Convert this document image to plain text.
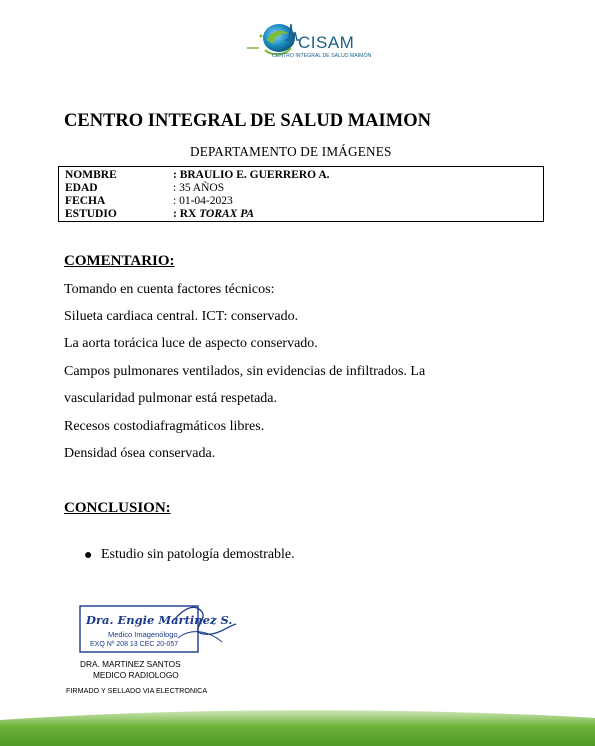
CISAM
CENTRO INTEGRAL DE SALUD MAIMÓN
CENTRO INTEGRAL DE SALUD MAIMON
DEPARTAMENTO DE IMÁGENES
NOMBRE	: BRAULIO E. GUERRERO A.
EDAD	: 35 AÑOS
FECHA	: 01-04-2023
ESTUDIO	: RX TORAX PA
COMENTARIO:
Tomando en cuenta factores técnicos:
Silueta cardiaca central. ICT: conservado.
La aorta torácica luce de aspecto conservado.
Campos pulmonares ventilados, sin evidencias de infiltrados. La
vascularidad pulmonar está respetada.
Recesos costodiafragmáticos libres.
Densidad ósea conservada.
CONCLUSION:
● Estudio sin patología demostrable.
Dra. Engie Martinez S.
Medico Imagenólogo
EXQ Nº 208 13 CEC 20-057
DRA. MARTINEZ SANTOS
MEDICO RADIOLOGO
FIRMADO Y SELLADO VIA ELECTRONICA
